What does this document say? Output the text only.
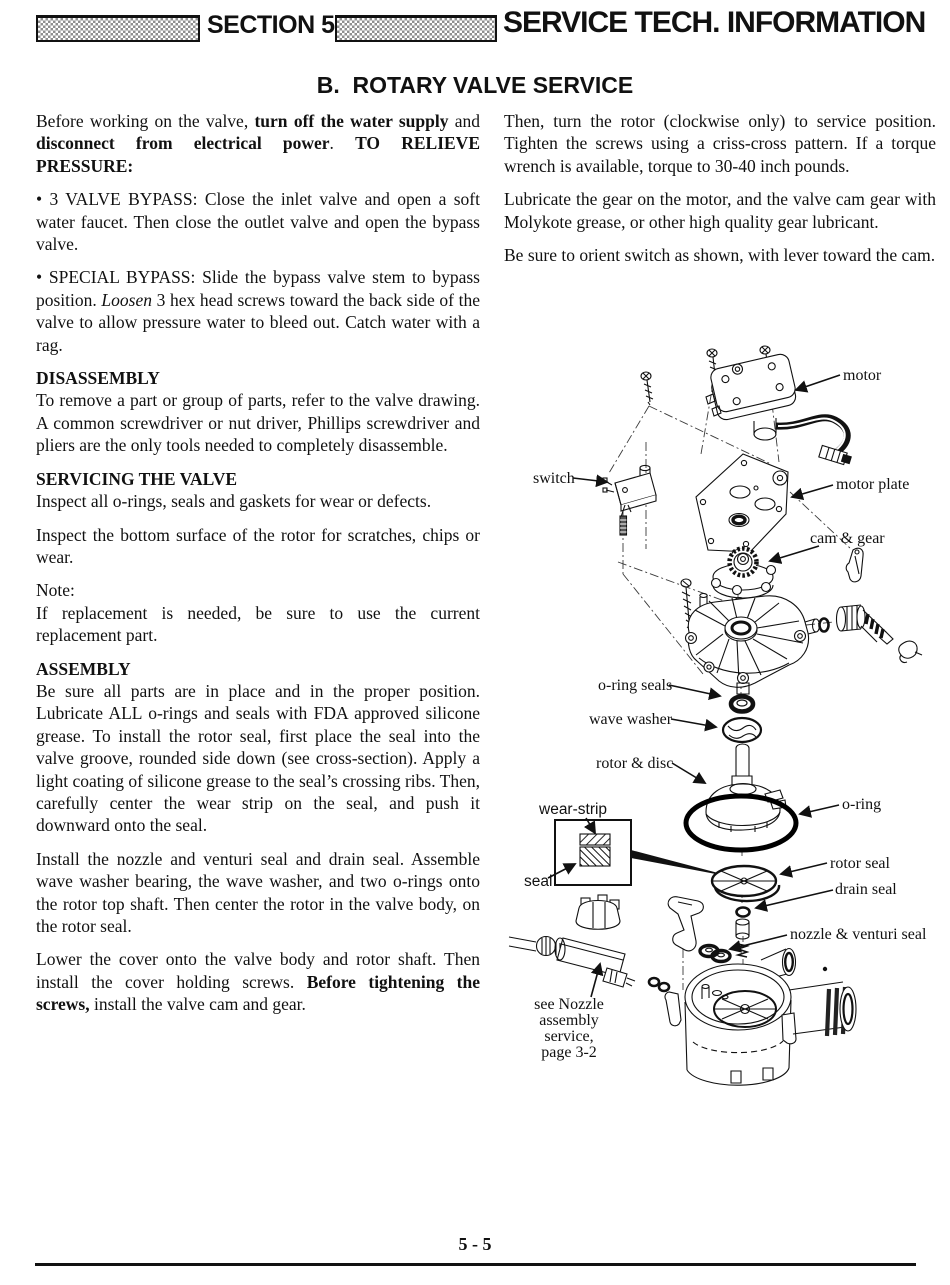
SECTION 5	SERVICE TECH. INFORMATION
B.  ROTARY VALVE SERVICE

Before working on the valve, turn off the water supply and disconnect from electrical power. TO RELIEVE PRESSURE:

• 3 VALVE BYPASS: Close the inlet valve and open a soft water faucet. Then close the outlet valve and open the bypass valve.

• SPECIAL BYPASS: Slide the bypass valve stem to bypass position. Loosen 3 hex head screws toward the back side of the valve to allow pressure water to bleed out. Catch water with a rag.

DISASSEMBLY

To remove a part or group of parts, refer to the valve drawing. A common screwdriver or nut driver, Phillips screwdriver and pliers are the only tools needed to completely disassemble.

SERVICING THE VALVE

Inspect all o-rings, seals and gaskets for wear or defects.

Inspect the bottom surface of the rotor for scratches, chips or wear.

Note:

If replacement is needed, be sure to use the current replacement part.

ASSEMBLY

Be sure all parts are in place and in the proper position. Lubricate ALL o-rings and seals with FDA approved silicone grease. To install the rotor seal, first place the seal into the valve groove, rounded side down (see cross-section). Apply a light coating of silicone grease to the seal’s crossing ribs. Then, carefully center the wear strip on the seal, and push it downward onto the seal.

Install the nozzle and venturi seal and drain seal. Assemble wave washer bearing, the wave washer, and two o-rings onto the rotor top shaft. Then center the rotor in the valve body, on the rotor seal.

Lower the cover onto the valve body and rotor shaft. Then install the cover holding screws. Before tightening the screws, install the valve cam and gear.

Then, turn the rotor (clockwise only) to service position. Tighten the screws using a criss-cross pattern. If a torque wrench is available, torque to 30-40 inch pounds.

Lubricate the gear on the motor, and the valve cam gear with Molykote grease, or other high quality gear lubricant.

Be sure to orient switch as shown, with lever toward the cam.

motor
switch	motor plate
cam & gear
o-ring seals
wave washer
rotor & disc
o-ring
wear-strip
seal
rotor seal
drain seal
nozzle & venturi seal
see Nozzle
assembly
service,
page 3-2
5 - 5
